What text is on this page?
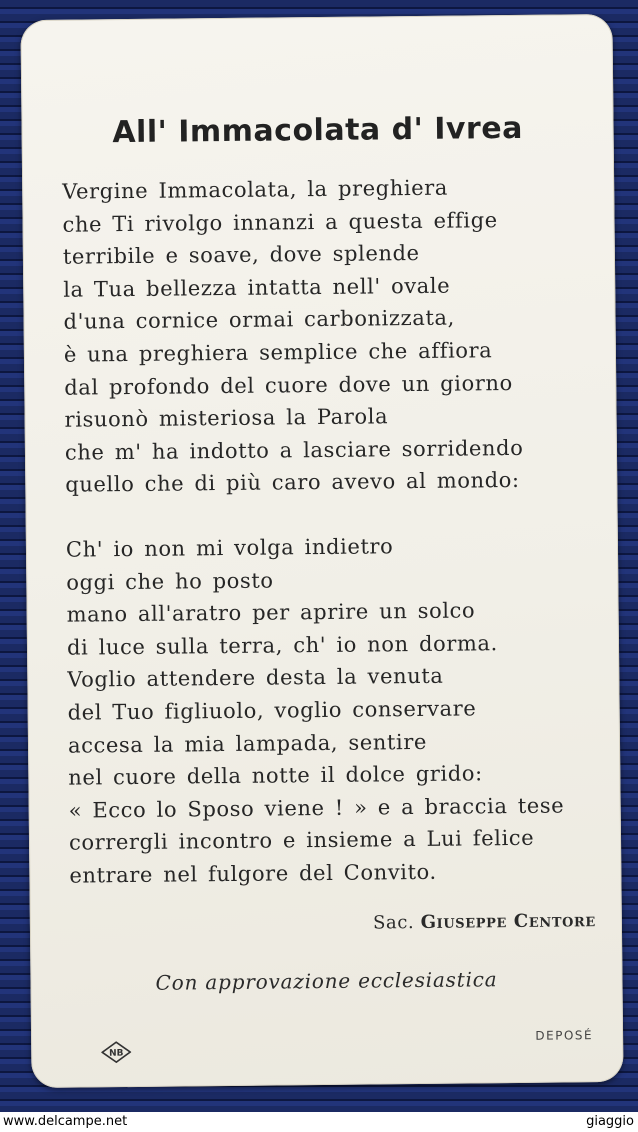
All' Immacolata d' Ivrea
Vergine Immacolata, la preghiera
che Ti rivolgo innanzi a questa effige
terribile e soave, dove splende
la Tua bellezza intatta nell' ovale
d'una cornice ormai carbonizzata,
è una preghiera semplice che affiora
dal profondo del cuore dove un giorno
risuonò misteriosa la Parola
che m' ha indotto a lasciare sorridendo
quello che di più caro avevo al mondo:
Ch' io non mi volga indietro
oggi che ho posto
mano all'aratro per aprire un solco
di luce sulla terra, ch' io non dorma.
Voglio attendere desta la venuta
del Tuo figliuolo, voglio conservare
accesa la mia lampada, sentire
nel cuore della notte il dolce grido:
« Ecco lo Sposo viene ! » e a braccia tese
corrergli incontro e insieme a Lui felice
entrare nel fulgore del Convito.
Sac. Giuseppe Centore
Con approvazione ecclesiastica
NB
DEPOSÉ
www.delcampe.net	giaggio
